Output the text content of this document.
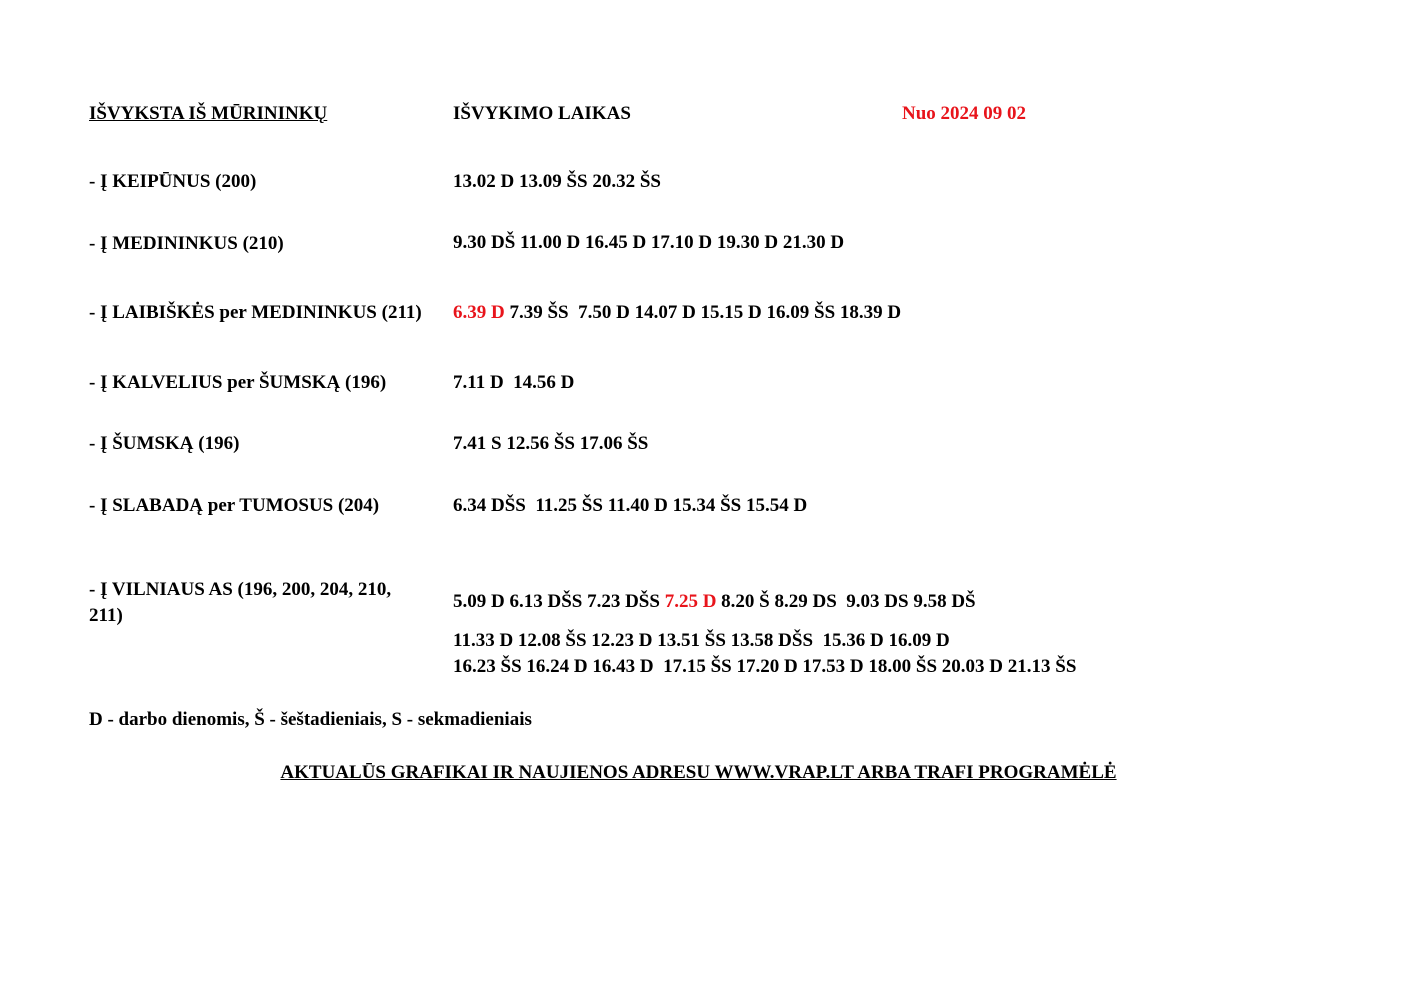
IŠVYKSTA IŠ MŪRININKŲ	IŠVYKIMO LAIKAS	Nuo 2024 09 02
- Į KEIPŪNUS (200)	13.02 D 13.09 ŠS 20.32 ŠS
- Į MEDININKUS (210)	9.30 DŠ 11.00 D 16.45 D 17.10 D 19.30 D 21.30 D
- Į LAIBIŠKĖS per MEDININKUS (211) 6.39 D 7.39 ŠS  7.50 D 14.07 D 15.15 D 16.09 ŠS 18.39 D
- Į KALVELIUS per ŠUMSKĄ (196)	7.11 D  14.56 D
- Į ŠUMSKĄ (196)	7.41 S 12.56 ŠS 17.06 ŠS
- Į SLABADĄ per TUMOSUS (204)	6.34 DŠS  11.25 ŠS 11.40 D 15.34 ŠS 15.54 D
- Į VILNIAUS AS (196, 200, 204, 210, 211)
5.09 D 6.13 DŠS 7.23 DŠS 7.25 D 8.20 Š 8.29 DS  9.03 DS 9.58 DŠ
11.33 D 12.08 ŠS 12.23 D 13.51 ŠS 13.58 DŠS  15.36 D 16.09 D
16.23 ŠS 16.24 D 16.43 D  17.15 ŠS 17.20 D 17.53 D 18.00 ŠS 20.03 D 21.13 ŠS
D - darbo dienomis, Š - šeštadieniais, S - sekmadieniais
AKTUALŪS GRAFIKAI IR NAUJIENOS ADRESU WWW.VRAP.LT ARBA TRAFI PROGRAMĖLĖ
